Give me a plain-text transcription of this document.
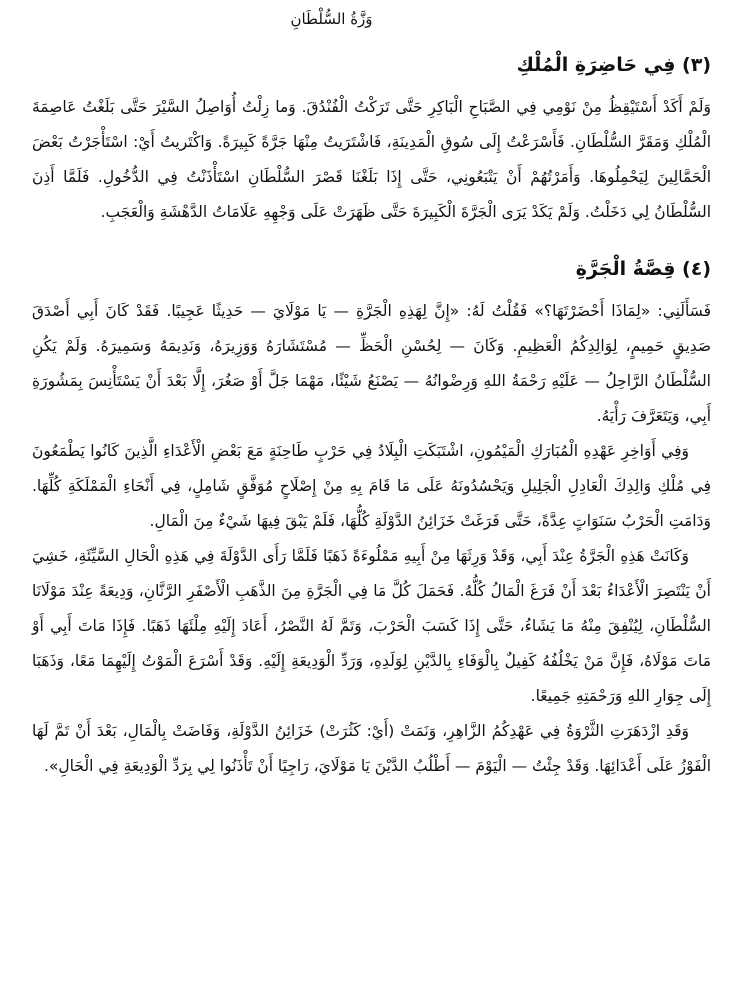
وَزَّةُ السُّلْطَانِ
(٣) فِي حَاضِرَةِ الْمُلْكِ

وَلَمْ أَكَدْ أَسْتَيْقِظُ مِنْ نَوْمِي فِي الصَّبَاحِ الْبَاكِرِ حَتَّى تَرَكْتُ الْفُنْدُقَ. وَما زِلْتُ أُوَاصِلُ السَّيْرَ حَتَّى بَلَغْتُ عَاصِمَةَ الْمُلْكِ وَمَقَرَّ السُّلْطَانِ. فَأَسْرَعْتُ إِلَى سُوقِ الْمَدِينَةِ، فَاشْتَرَيتُ مِنْهَا جَرَّةً كَبِيرَةً. وَاكْتَريتُ أَيْ: اسْتَأْجَرْتُ بَعْضَ الْحَمَّالِينَ لِيَحْمِلُوهَا. وَأَمَرْتُهُمْ أَنْ يَتْبَعُونِي، حَتَّى إِذَا بَلَغْنَا قَصْرَ السُّلْطَانِ اسْتَأْذَنْتُ فِي الدُّخُولِ. فَلَمَّا أَذِنَ السُّلْطَانُ لِي دَخَلْتُ. وَلَمْ يَكَدْ يَرَى الْجَرَّةَ الْكَبِيرَةَ حَتَّى ظَهَرَتْ عَلَى وَجْهِهِ عَلَامَاتُ الدَّهْشَةِ وَالْعَجَبِ.

(٤) قِصَّةُ الْجَرَّةِ

فَسَأَلَنِي: «لِمَاذَا أَحْضَرْتَهَا؟» فَقُلْتُ لَهُ: «إِنَّ لِهَذِهِ الْجَرَّةِ — يَا مَوْلَايَ — حَدِيثًا عَجِيبًا. فَقَدْ كَانَ أَبِي أَصْدَقَ صَدِيقٍ حَمِيمٍ، لِوَالِدِكُمُ الْعَظِيمِ. وَكَانَ — لِحُسْنِ الْحَظِّ — مُسْتَشَارَهُ وَوَزِيرَهُ، وَنَدِيمَهُ وَسَمِيرَهُ. وَلَمْ يَكُنِ السُّلْطَانُ الرَّاحِلُ — عَلَيْهِ رَحْمَةُ اللهِ وَرِضْوانُهُ — يَصْنَعُ شَيْئًا، مَهْمَا جَلَّ أَوْ صَغُرَ، إِلَّا بَعْدَ أَنْ يَسْتَأْنِسَ بِمَشُورَةِ أَبِي، وَيَتَعَرَّفَ رَأْيَهُ.

وَفِي أَوَاخِرِ عَهْدِهِ الْمُبَارَكِ الْمَيْمُونِ، اشْتَبَكَتِ الْبِلَادُ فِي حَرْبٍ طَاحِنَةٍ مَعَ بَعْضِ الْأَعْدَاءِ الَّذِينَ كَانُوا يَطْمَعُونَ فِي مُلْكِ وَالِدِكَ الْعَادِلِ الْجَلِيلِ وَيَحْسُدُونَهُ عَلَى مَا قَامَ بِهِ مِنْ إِصْلَاحٍ مُوَفَّقٍ شَامِلٍ، فِي أَنْحَاءِ الْمَمْلَكَةِ كُلِّهَا. وَدَامَتِ الْحَرْبُ سَنَوَاتٍ عِدَّةً، حَتَّى فَرَغَتْ خَزَائِنُ الدَّوْلَةِ كُلُّهَا، فَلَمْ يَبْقَ فِيهَا شَيْءٌ مِنَ الْمَالِ.

وَكَانَتْ هَذِهِ الْجَرَّةُ عِنْدَ أَبِي، وَقَدْ وَرِثَهَا مِنْ أَبِيهِ مَمْلُوءَةً ذَهَبًا فَلَمَّا رَأَى الدَّوْلَةَ فِي هَذِهِ الْحَالِ السَّيِّئَةِ، خَشِيَ أَنْ يَنْتَصِرَ الْأَعْدَاءُ بَعْدَ أَنْ فَرَغَ الْمَالُ كُلُّهُ. فَحَمَلَ كُلَّ مَا فِي الْجَرَّةِ مِنَ الذَّهَبِ الْأَصْفَرِ الرَّنَّانِ، وَدِيعَةً عِنْدَ مَوْلَانَا السُّلْطَانِ، لِيُنْفِقَ مِنْهُ مَا يَشَاءُ، حَتَّى إِذَا كَسَبَ الْحَرْبَ، وَتَمَّ لَهُ النَّصْرُ، أَعَادَ إِلَيْهِ مِلْئَهَا ذَهَبًا. فَإِذَا مَاتَ أَبِي أَوْ مَاتَ مَوْلَاهُ، فَإِنَّ مَنْ يَخْلُفُهُ كَفِيلٌ بِالْوَفَاءِ بِالدَّيْنِ لِوَلَدِهِ، وَرَدِّ الْوَدِيعَةِ إِلَيْهِ. وَقَدْ أَسْرَعَ الْمَوْتُ إِلَيْهِمَا مَعًا، وَذَهَبَا إِلَى جِوَارِ اللهِ وَرَحْمَتِهِ جَمِيعًا.

وَقَدِ ازْدَهَرَتِ الثَّرْوَةُ فِي عَهْدِكُمُ الزَّاهِرِ، وَنَمَتْ (أَيْ: كَثُرَتْ) خَزَائِنُ الدَّوْلَةِ، وَفَاضَتْ بِالْمَالِ، بَعْدَ أَنْ تَمَّ لَهَا الْفَوْزُ عَلَى أَعْدَائِهَا. وَقَدْ جِئْتُ — الْيَوْمَ — أَطْلُبُ الدَّيْنَ يَا مَوْلَايَ، رَاجِيًا أَنْ تَأْذَنُوا لِي بِرَدِّ الْوَدِيعَةِ فِي الْحَالِ».
